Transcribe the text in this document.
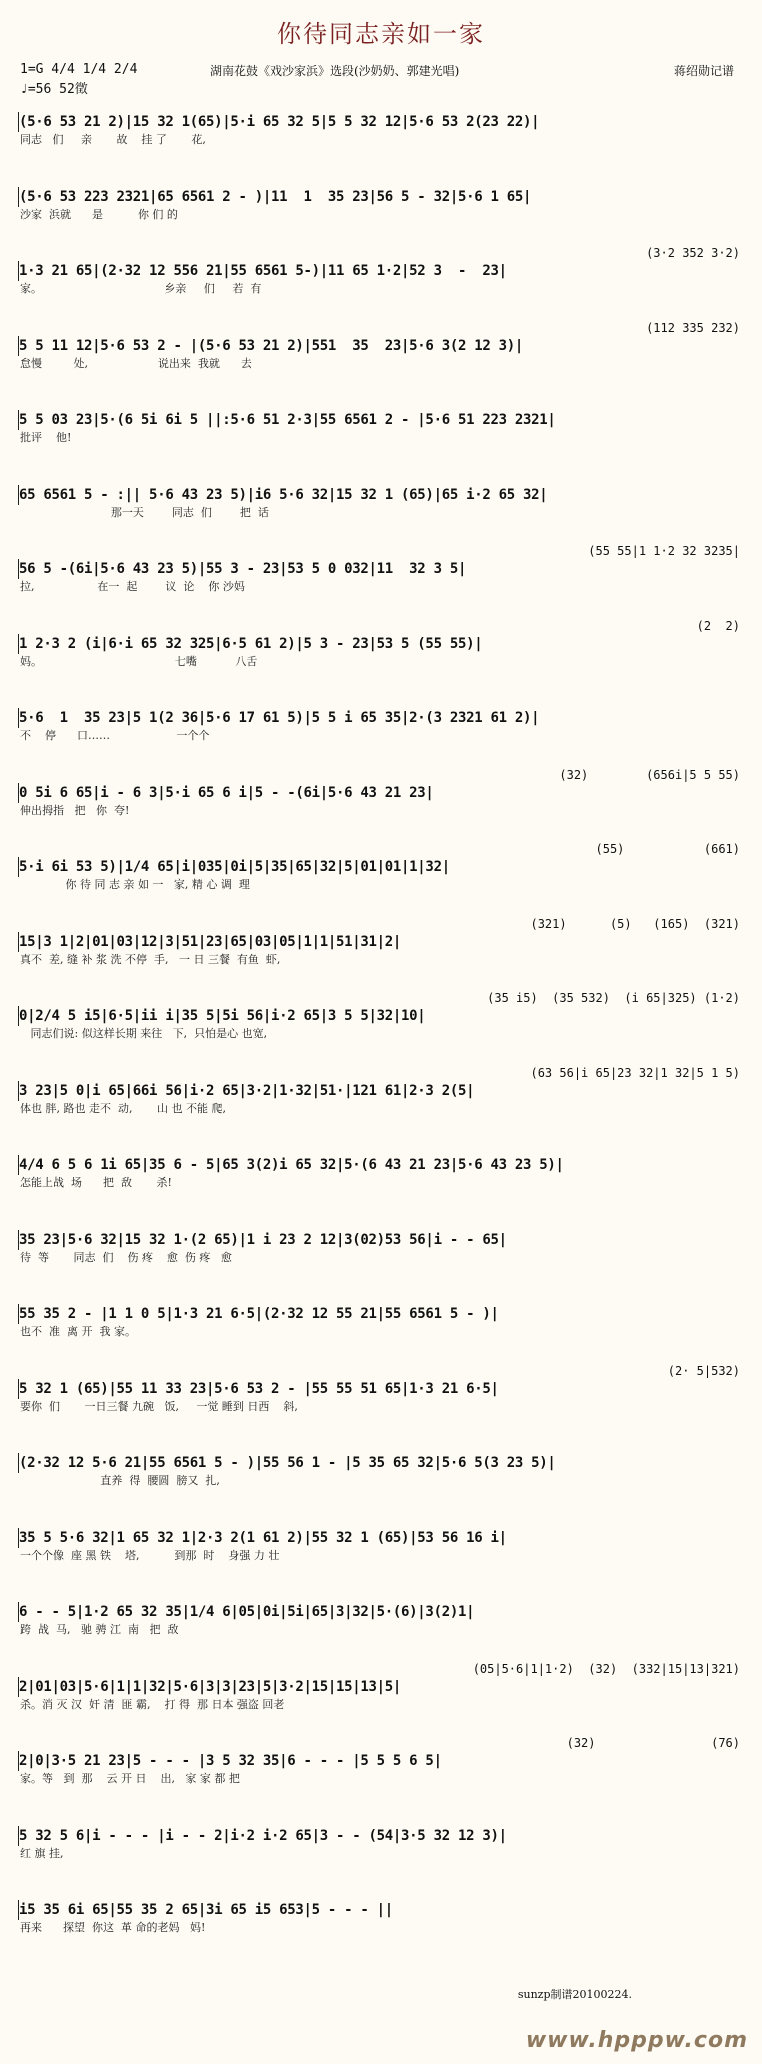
你待同志亲如一家
1=G 4/4 1/4 2/4
♩=56 52徵
湖南花鼓《戏沙家浜》选段(沙奶奶、郭建光唱)	蒋绍勋记谱
(5·6 53 21 2)|15 32 1(65)|5·i 65 32 5|5 5 32 12|5·6 53 2(23 22)|
同志   们     亲       故    挂 了       花,
(5·6 53 223 2321|65 6561 2 - )|11  1  35 23|56 5 - 32|5·6 1 65|
沙家  浜就      是          你 们 的
(3·2 352 3·2)
1·3 21 65|(2·32 12 556 21|55 6561 5-)|11 65 1·2|52 3  -  23|
家。                                   乡亲     们     若  有
(112 335 232)
5 5 11 12|5·6 53 2 - |(5·6 53 21 2)|551  35  23|5·6 3(2 12 3)|
怠慢         处,                    说出来  我就      去
5 5 03 23|5·(6 5i 6i 5 ||:5·6 51 2·3|55 6561 2 - |5·6 51 223 2321|
批评    他!
65 6561 5 - :|| 5·6 43 23 5)|i6 5·6 32|15 32 1 (65)|65 i·2 65 32|
那一天        同志  们        把  话
(55 55|1 1·2 32 3235|
56 5 -(6i|5·6 43 23 5)|55 3 - 23|53 5 0 032|11  32 3 5|
拉,                  在一  起        议  论    你 沙妈
(2  2)
1 2·3 2 (i|6·i 65 32 325|6·5 61 2)|5 3 - 23|53 5 (55 55)|
妈。                                      七嘴           八舌
5·6  1  35 23|5 1(2 36|5·6 17 61 5)|5 5 i 65 35|2·(3 2321 61 2)|
不    停      口……                   一个个
(32)        (656i|5 5 55)
0 5i 6 65|i - 6 3|5·i 65 6 i|5 - -(6i|5·6 43 21 23|
伸出拇指   把   你  夸!
(55)           (661)
5·i 6i 53 5)|1/4 65|i|035|0i|5|35|65|32|5|01|01|1|32|
你 待 同 志 亲 如 一   家, 精 心 调  理
(321)      (5)   (165)  (321)
15|3 1|2|01|03|12|3|51|23|65|03|05|1|1|51|31|2|
真不  差, 缝 补 浆 洗 不停  手,   一 日 三餐  有鱼  虾,
(35 i5)  (35 532)  (i 65|325) (1·2)
0|2/4 5 i5|6·5|ii i|35 5|5i 56|i·2 65|3 5 5|32|10|
同志们说: 似这样长期 来往   下,  只怕是心 也宽,
(63 56|i 65|23 32|1 32|5 1 5)
3 23|5 0|i 65|66i 56|i·2 65|3·2|1·32|51·|121 61|2·3 2(5|
体也 胖, 路也 走不  动,       山 也 不能 爬,
4/4 6 5 6 1i 65|35 6 - 5|65 3(2)i 65 32|5·(6 43 21 23|5·6 43 23 5)|
怎能上战  场      把  敌       杀!
35 23|5·6 32|15 32 1·(2 65)|1 i 23 2 12|3(02)53 56|i - - 65|
待  等       同志  们    伤 疼    愈  伤 疼   愈
55 35 2 - |1 1 0 5|1·3 21 6·5|(2·32 12 55 21|55 6561 5 - )|
也不  准  离 开  我 家。
(2· 5|532)
5 32 1 (65)|55 11 33 23|5·6 53 2 - |55 55 51 65|1·3 21 6·5|
要你  们       一日三餐 九碗   饭,     一觉 睡到 日西    斜,
(2·32 12 5·6 21|55 6561 5 - )|55 56 1 - |5 35 65 32|5·6 5(3 23 5)|
直养  得  腰圆  膀又  扎,
35 5 5·6 32|1 65 32 1|2·3 2(1 61 2)|55 32 1 (65)|53 56 16 i|
一个个像  座 黑 铁    塔,          到那  时    身强 力 壮
6 - - 5|1·2 65 32 35|1/4 6|05|0i|5i|65|3|32|5·(6)|3(2)1|
跨  战  马,   驰 骋 江  南   把  敌
(05|5·6|1|1·2)  (32)  (332|15|13|321)
2|01|03|5·6|1|1|32|5·6|3|3|23|5|3·2|15|15|13|5|
杀。消 灭 汉  奸 清  匪 霸,    打 得  那 日本 强盗 回老
(32)                (76)
2|0|3·5 21 23|5 - - - |3 5 32 35|6 - - - |5 5 5 6 5|
家。等   到  那    云 开 日    出,   家 家 都 把
5 32 5 6|i - - - |i - - 2|i·2 i·2 65|3 - - (54|3·5 32 12 3)|
红 旗 挂,
i5 35 6i 65|55 35 2 65|3i 65 i5 653|5 - - - ||
再来      探望  你这  革 命的老妈   妈!
sunzp制谱20100224.
www.hpppw.com
